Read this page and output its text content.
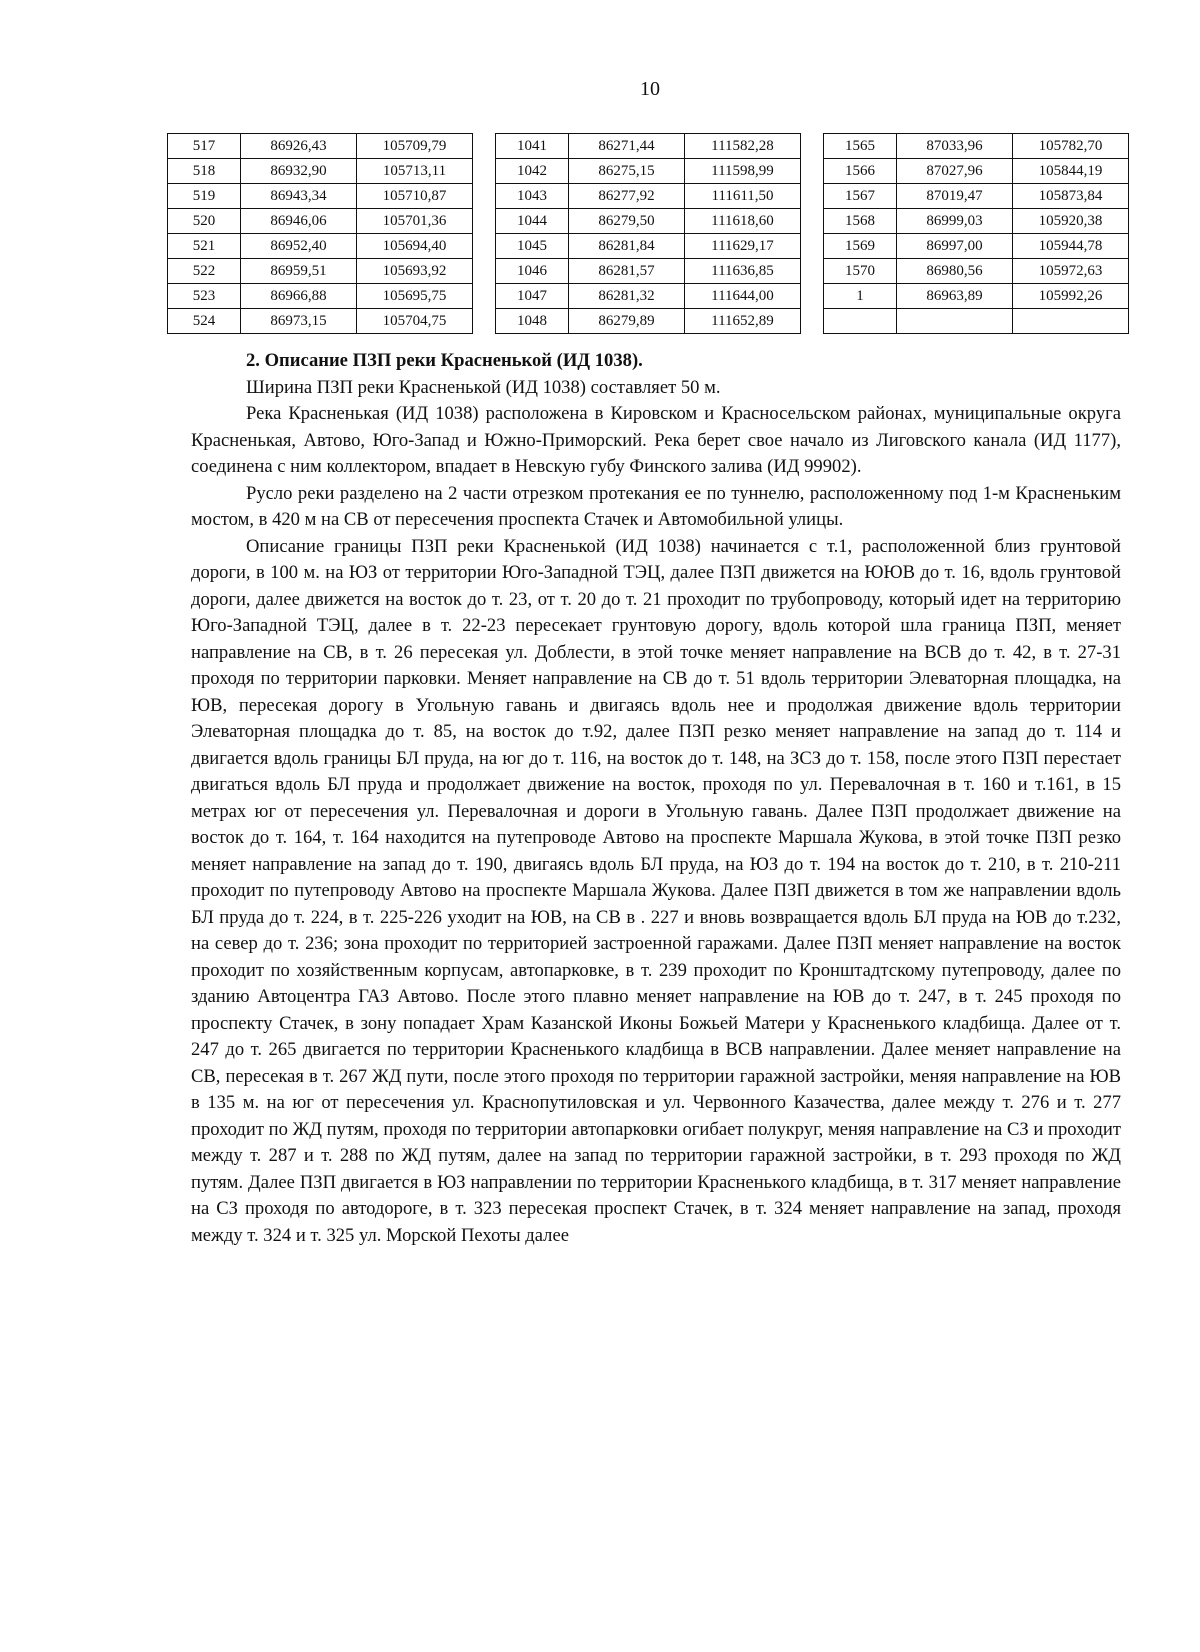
10
517	86926,43	105709,79		1041	86271,44	111582,28		1565	87033,96	105782,70
518	86932,90	105713,11		1042	86275,15	111598,99		1566	87027,96	105844,19
519	86943,34	105710,87		1043	86277,92	111611,50		1567	87019,47	105873,84
520	86946,06	105701,36		1044	86279,50	111618,60		1568	86999,03	105920,38
521	86952,40	105694,40		1045	86281,84	111629,17		1569	86997,00	105944,78
522	86959,51	105693,92		1046	86281,57	111636,85		1570	86980,56	105972,63
523	86966,88	105695,75		1047	86281,32	111644,00		1	86963,89	105992,26
524	86973,15	105704,75		1048	86279,89	111652,89				

2. Описание ПЗП реки Красненькой (ИД 1038).

Ширина ПЗП реки Красненькой (ИД 1038) составляет 50 м.

Река Красненькая (ИД 1038) расположена в Кировском и Красносельском районах, муниципальные округа Красненькая, Автово, Юго-Запад и Южно-Приморский. Река берет свое начало из Лиговского канала (ИД 1177), соединена с ним коллектором, впадает в Невскую губу Финского залива (ИД 99902).

Русло реки разделено на 2 части отрезком протекания ее по туннелю, расположенному под 1-м Красненьким мостом, в 420 м на СВ от пересечения проспекта Стачек и Автомобильной улицы.

Описание границы ПЗП реки Красненькой (ИД 1038) начинается с т.1, расположенной близ грунтовой дороги, в 100 м. на ЮЗ от территории Юго-Западной ТЭЦ, далее ПЗП движется на ЮЮВ до т. 16, вдоль грунтовой дороги, далее движется на восток до т. 23, от т. 20 до т. 21 проходит по трубопроводу, который идет на территорию Юго-Западной ТЭЦ, далее в т. 22-23 пересекает грунтовую дорогу, вдоль которой шла граница ПЗП, меняет направление на СВ, в т. 26 пересекая ул. Доблести, в этой точке меняет направление на ВСВ до т. 42, в т. 27-31 проходя по территории парковки. Меняет направление на СВ до т. 51 вдоль территории Элеваторная площадка, на ЮВ, пересекая дорогу в Угольную гавань и двигаясь вдоль нее и продолжая движение вдоль территории Элеваторная площадка до т. 85, на восток до т.92, далее ПЗП резко меняет направление на запад до т. 114 и двигается вдоль границы БЛ пруда, на юг до т. 116, на восток до т. 148, на ЗСЗ до т. 158, после этого ПЗП перестает двигаться вдоль БЛ пруда и продолжает движение на восток, проходя по ул. Перевалочная в т. 160 и т.161, в 15 метрах юг от пересечения ул. Перевалочная и дороги в Угольную гавань. Далее ПЗП продолжает движение на восток до т. 164, т. 164 находится на путепроводе Автово на проспекте Маршала Жукова, в этой точке ПЗП резко меняет направление на запад до т. 190, двигаясь вдоль БЛ пруда, на ЮЗ до т. 194 на восток до т. 210, в т. 210-211 проходит по путепроводу Автово на проспекте Маршала Жукова. Далее ПЗП движется в том же направлении вдоль БЛ пруда до т. 224, в т. 225-226 уходит на ЮВ, на СВ в . 227 и вновь возвращается вдоль БЛ пруда на ЮВ до т.232, на север до т. 236; зона проходит по территорией застроенной гаражами. Далее ПЗП меняет направление на восток проходит по хозяйственным корпусам, автопарковке, в т. 239 проходит по Кронштадтскому путепроводу, далее по зданию Автоцентра ГАЗ Автово. После этого плавно меняет направление на ЮВ до т. 247, в т. 245 проходя по проспекту Стачек, в зону попадает Храм Казанской Иконы Божьей Матери у Красненького кладбища. Далее от т. 247 до т. 265 двигается по территории Красненького кладбища в ВСВ направлении. Далее меняет направление на СВ, пересекая в т. 267 ЖД пути, после этого проходя по территории гаражной застройки, меняя направление на ЮВ в 135 м. на юг от пересечения ул. Краснопутиловская и ул. Червонного Казачества, далее между т. 276 и т. 277 проходит по ЖД путям, проходя по территории автопарковки огибает полукруг, меняя направление на СЗ и проходит между т. 287 и т. 288 по ЖД путям, далее на запад по территории гаражной застройки, в т. 293 проходя по ЖД путям. Далее ПЗП двигается в ЮЗ направлении по территории Красненького кладбища, в т. 317 меняет направление на СЗ проходя по автодороге, в т. 323 пересекая проспект Стачек, в т. 324 меняет направление на запад, проходя между т. 324 и т. 325 ул. Морской Пехоты далее
